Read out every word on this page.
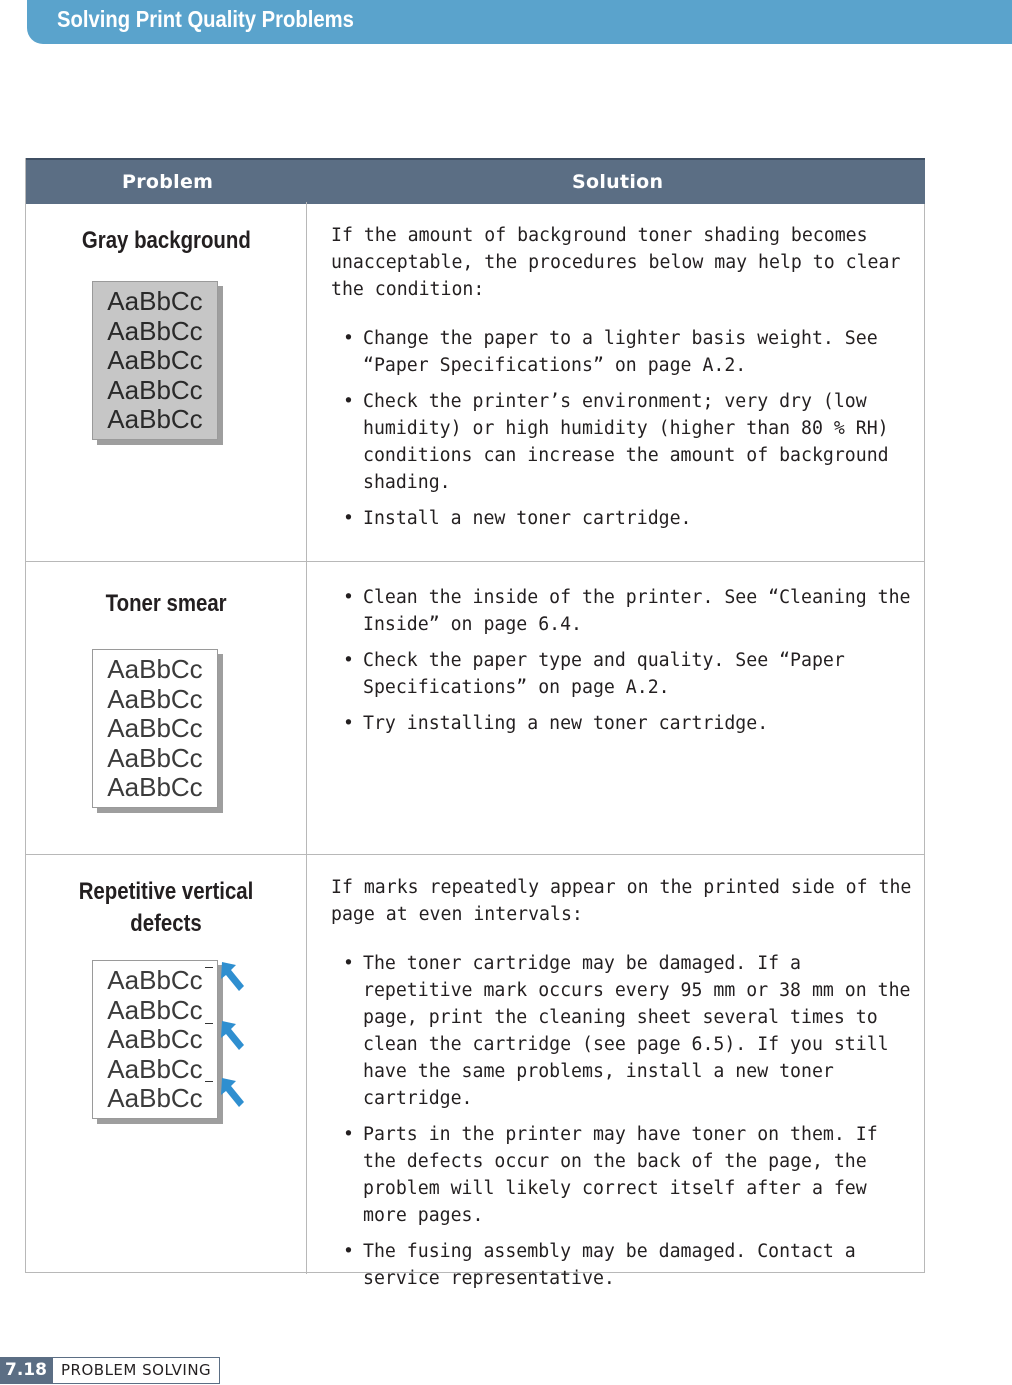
Solving Print Quality Problems
Problem	Solution
Gray background
AaBbCc
AaBbCc
AaBbCc
AaBbCc
AaBbCc

If the amount of background toner shading becomes unacceptable, the procedures below may help to clear the condition:

• Change the paper to a lighter basis weight. See “Paper Specifications” on page A.2.
• Check the printer’s environment; very dry (low humidity) or high humidity (higher than 80 % RH) conditions can increase the amount of background shading.
• Install a new toner cartridge.
Toner smear
AaBbCc
AaBbCc
AaBbCc
AaBbCc
AaBbCc
• Clean the inside of the printer. See “Cleaning the Inside” on page 6.4.
• Check the paper type and quality. See “Paper Specifications” on page A.2.
• Try installing a new toner cartridge.
Repetitive vertical defects
AaBbCc
AaBbCc
AaBbCc
AaBbCc
AaBbCc

If marks repeatedly appear on the printed side of the page at even intervals:

• The toner cartridge may be damaged. If a repetitive mark occurs every 95 mm or 38 mm on the page, print the cleaning sheet several times to clean the cartridge (see page 6.5). If you still have the same problems, install a new toner cartridge.
• Parts in the printer may have toner on them. If the defects occur on the back of the page, the problem will likely correct itself after a few more pages.
• The fusing assembly may be damaged. Contact a service representative.
7.18 PROBLEM SOLVING
